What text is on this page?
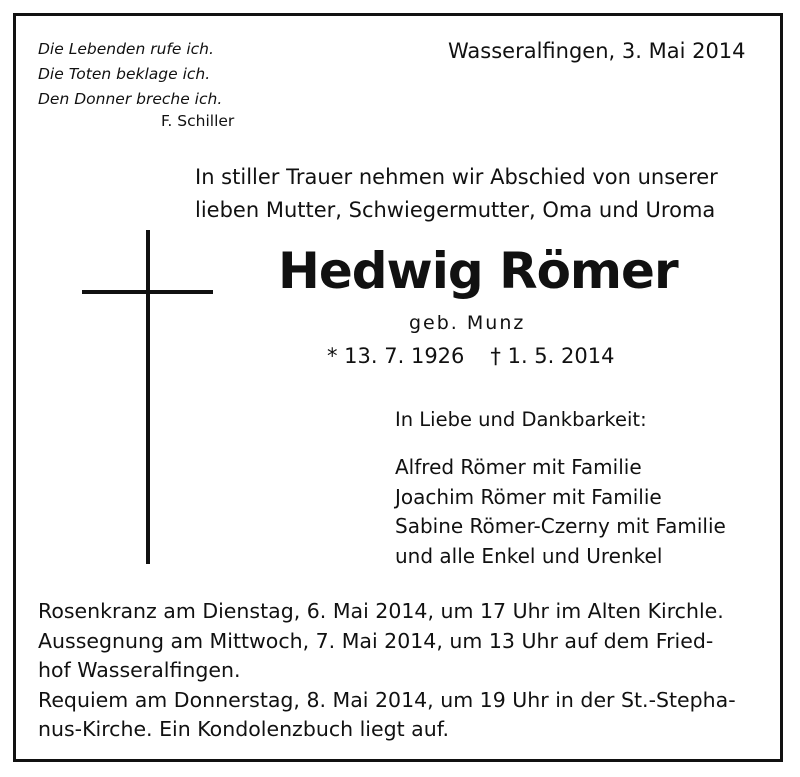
Die Lebenden rufe ich.
Die Toten beklage ich.
Den Donner breche ich.
F. Schiller
Wasseralfingen, 3. Mai 2014
In stiller Trauer nehmen wir Abschied von unserer
lieben Mutter, Schwiegermutter, Oma und Uroma
Hedwig Römer
geb. Munz
* 13. 7. 1926 † 1. 5. 2014
In Liebe und Dankbarkeit:
Alfred Römer mit Familie
Joachim Römer mit Familie
Sabine Römer-Czerny mit Familie
und alle Enkel und Urenkel
Rosenkranz am Dienstag, 6. Mai 2014, um 17 Uhr im Alten Kirchle.
Aussegnung am Mittwoch, 7. Mai 2014, um 13 Uhr auf dem Fried-
hof Wasseralfingen.
Requiem am Donnerstag, 8. Mai 2014, um 19 Uhr in der St.-Stepha-
nus-Kirche. Ein Kondolenzbuch liegt auf.
